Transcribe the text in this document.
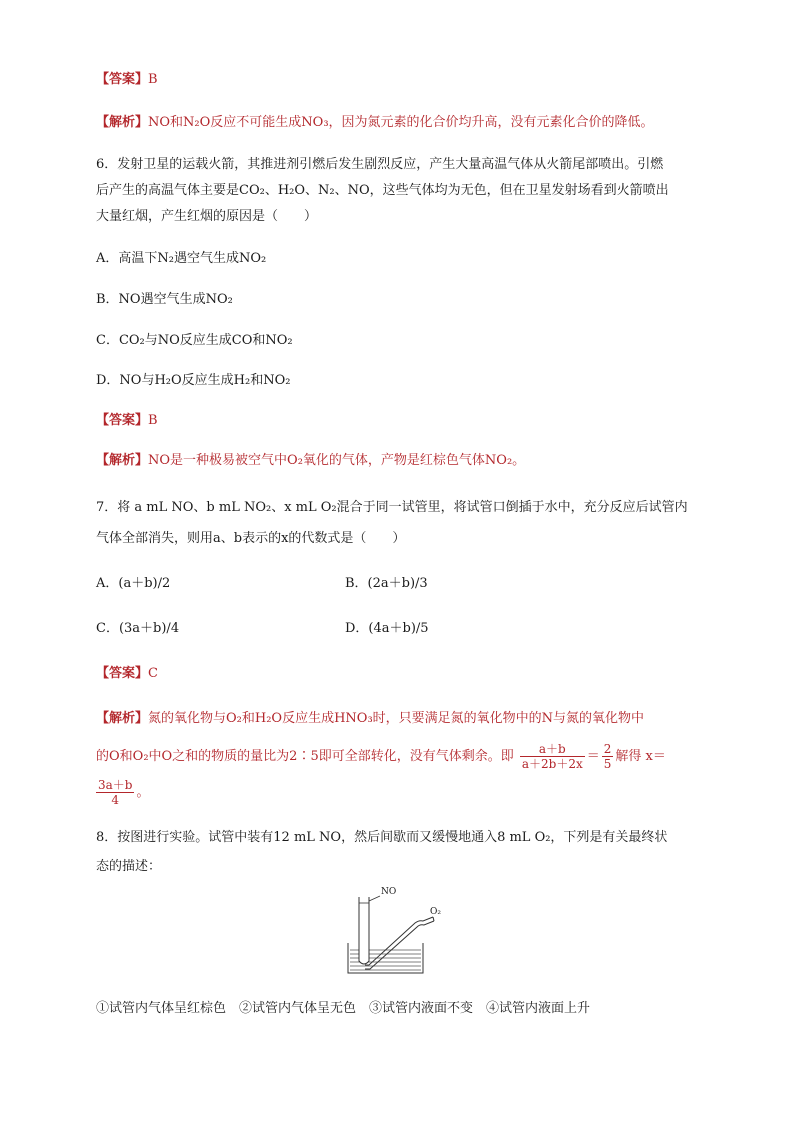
【答案】B
【解析】NO和N₂O反应不可能生成NO₃，因为氮元素的化合价均升高，没有元素化合价的降低。
6．发射卫星的运载火箭，其推进剂引燃后发生剧烈反应，产生大量高温气体从火箭尾部喷出。引燃
后产生的高温气体主要是CO₂、H₂O、N₂、NO，这些气体均为无色，但在卫星发射场看到火箭喷出
大量红烟，产生红烟的原因是（　　）
A．高温下N₂遇空气生成NO₂
B．NO遇空气生成NO₂
C．CO₂与NO反应生成CO和NO₂
D．NO与H₂O反应生成H₂和NO₂
【答案】B
【解析】NO是一种极易被空气中O₂氧化的气体，产物是红棕色气体NO₂。
7．将 a mL NO、b mL NO₂、x mL O₂混合于同一试管里，将试管口倒插于水中，充分反应后试管内
气体全部消失，则用a、b表示的x的代数式是（　　）
A．(a＋b)/2	B．(2a＋b)/3
C．(3a＋b)/4	D．(4a＋b)/5
【答案】C
【解析】氮的氧化物与O₂和H₂O反应生成HNO₃时，只要满足氮的氧化物中的N与氮的氧化物中
的O和O₂中O之和的物质的量比为2∶5即可全部转化，没有气体剩余。即 $\frac{a+b}{a+2b+2x} = \frac{2}{5}$ 解得 x＝
$\frac{3a+b}{4}$ 。
8．按图进行实验。试管中装有12 mL NO，然后间歇而又缓慢地通入8 mL O₂，下列是有关最终状
态的描述：
NO
O₂
①试管内气体呈红棕色　②试管内气体呈无色　③试管内液面不变　④试管内液面上升
